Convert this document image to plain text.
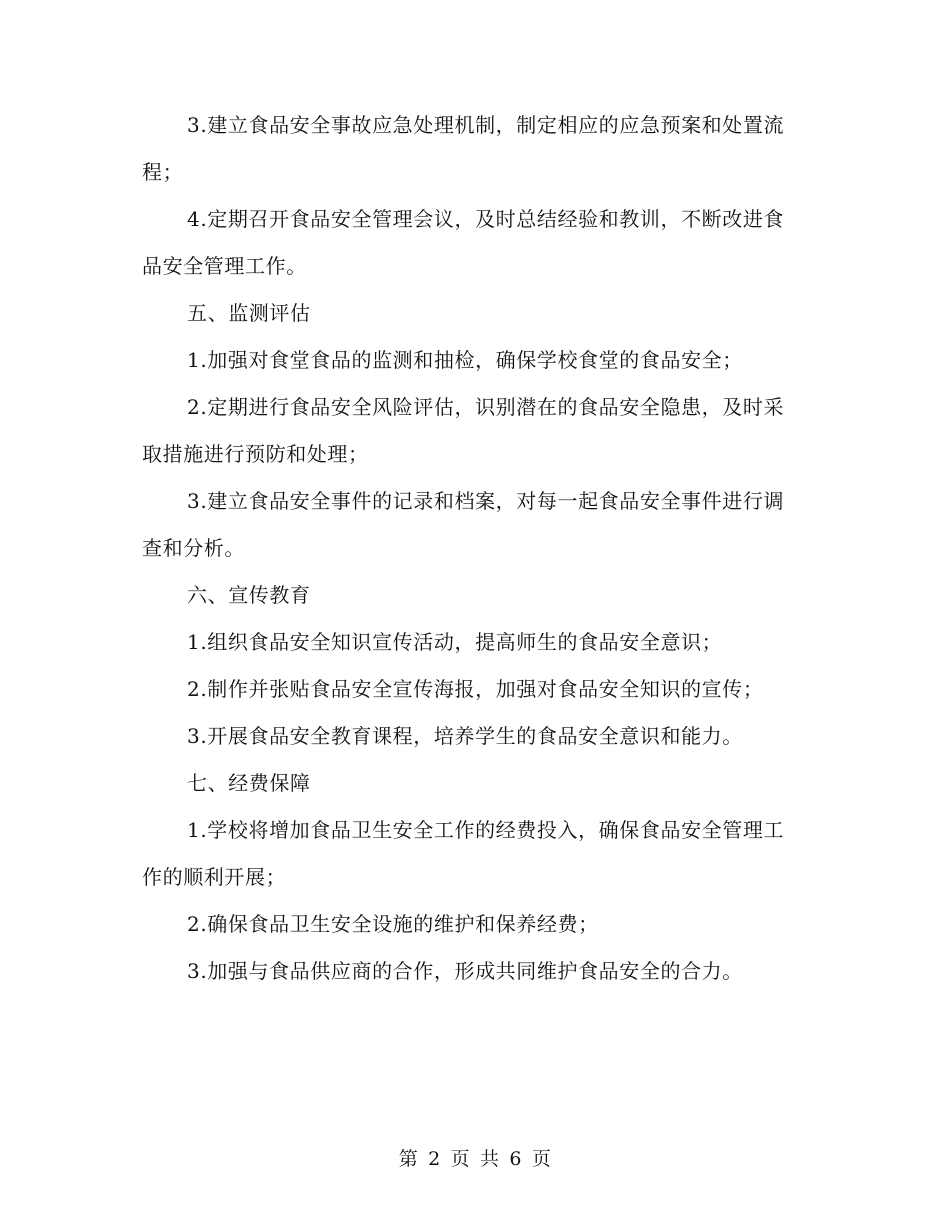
3.建立食品安全事故应急处理机制，制定相应的应急预案和处置流程；

4.定期召开食品安全管理会议，及时总结经验和教训，不断改进食品安全管理工作。

五、监测评估

1.加强对食堂食品的监测和抽检，确保学校食堂的食品安全；

2.定期进行食品安全风险评估，识别潜在的食品安全隐患，及时采取措施进行预防和处理；

3.建立食品安全事件的记录和档案，对每一起食品安全事件进行调查和分析。

六、宣传教育

1.组织食品安全知识宣传活动，提高师生的食品安全意识；

2.制作并张贴食品安全宣传海报，加强对食品安全知识的宣传；

3.开展食品安全教育课程，培养学生的食品安全意识和能力。

七、经费保障

1.学校将增加食品卫生安全工作的经费投入，确保食品安全管理工作的顺利开展；

2.确保食品卫生安全设施的维护和保养经费；

3.加强与食品供应商的合作，形成共同维护食品安全的合力。

第 2 页 共 6 页
